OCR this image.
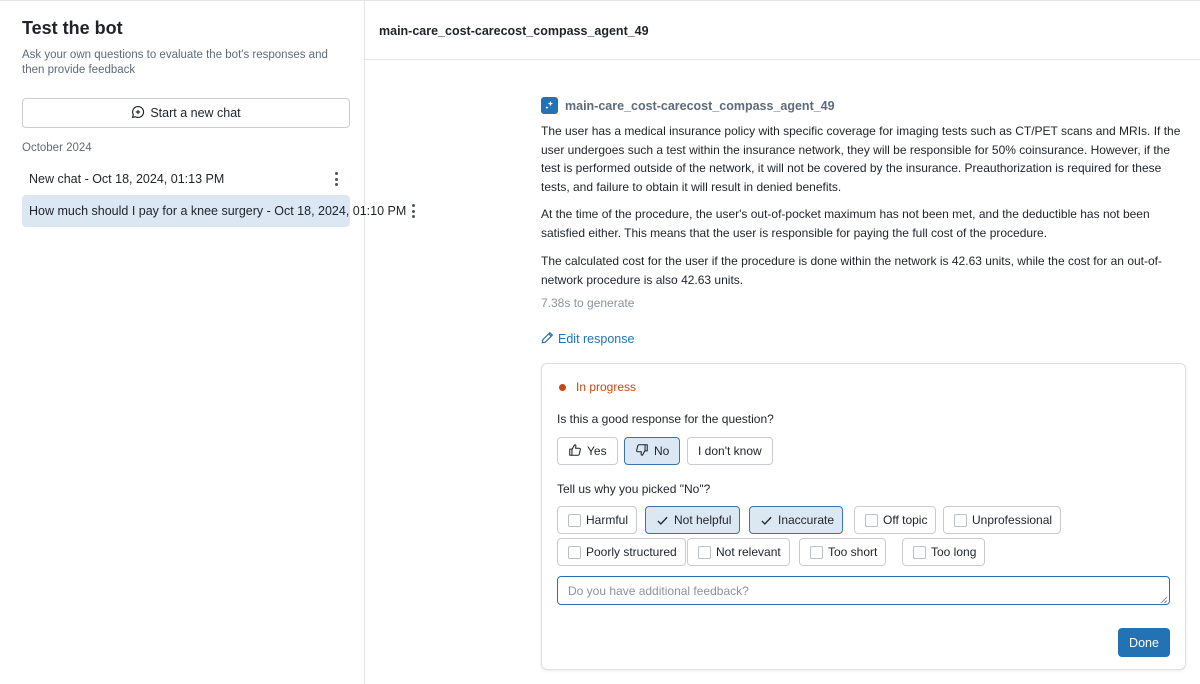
Test the bot

Ask your own questions to evaluate the bot's responses and then provide feedback

Start a new chat
October 2024
New chat - Oct 18, 2024, 01:13 PM
How much should I pay for a knee surgery - Oct 18, 2024, 01:10 PM
main-care_cost-carecost_compass_agent_49
main-care_cost-carecost_compass_agent_49

The user has a medical insurance policy with specific coverage for imaging tests such as CT/PET scans and MRIs. If the user undergoes such a test within the insurance network, they will be responsible for 50% coinsurance. However, if the test is performed outside of the network, it will not be covered by the insurance. Preauthorization is required for these tests, and failure to obtain it will result in denied benefits.

At the time of the procedure, the user's out-of-pocket maximum has not been met, and the deductible has not been satisfied either. This means that the user is responsible for paying the full cost of the procedure.

The calculated cost for the user if the procedure is done within the network is 42.63 units, while the cost for an out-of-network procedure is also 42.63 units.

7.38s to generate
Edit response
In progress
Is this a good response for the question?
Yes	No I don't know
Tell us why you picked "No"?
Harmful	Not helpful	Inaccurate	Off topic	Unprofessional
Poorly structured	Not relevant	Too short	Too long
Do you have additional feedback?
Done
